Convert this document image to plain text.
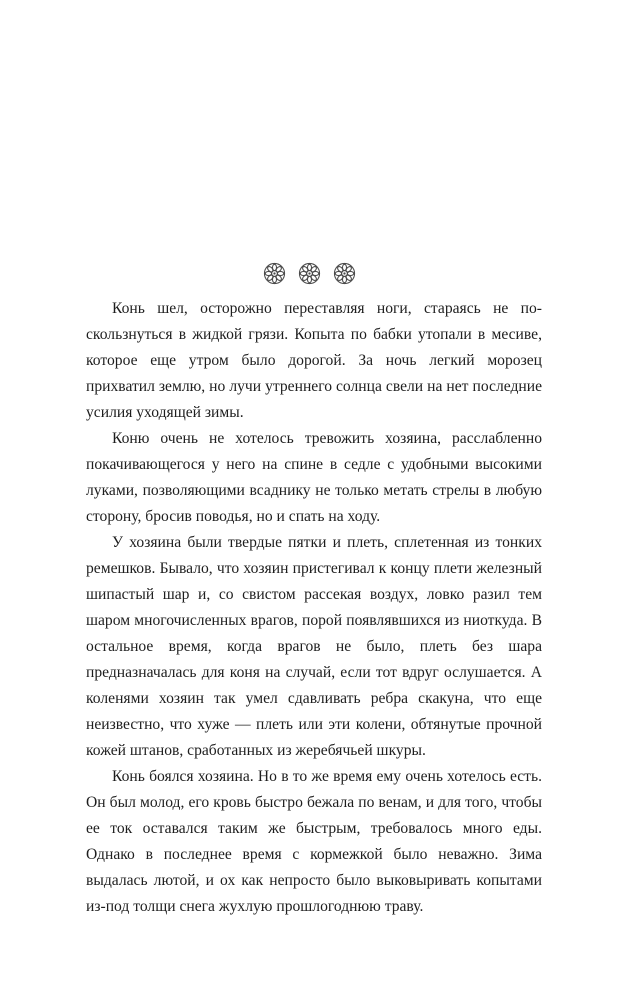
Конь шел, осторожно переставляя ноги, стараясь не поскользнуться в жидкой грязи. Копыта по бабки утопали в месиве, которое еще утром было дорогой. За ночь легкий морозец прихватил землю, но лучи утреннего солнца свели на нет последние усилия уходящей зимы.

Коню очень не хотелось тревожить хозяина, расслабленно покачивающегося у него на спине в седле с удобными высокими луками, позволяющими всаднику не только метать стрелы в любую сторону, бросив поводья, но и спать на ходу.

У хозяина были твердые пятки и плеть, сплетенная из тонких ремешков. Бывало, что хозяин пристегивал к концу плети железный шипастый шар и, со свистом рассекая воздух, ловко разил тем шаром многочисленных врагов, порой появлявшихся из ниоткуда. В остальное время, когда врагов не было, плеть без шара предназначалась для коня на случай, если тот вдруг ослушается. А коленями хозяин так умел сдавливать ребра скакуна, что еще неизвестно, что хуже — плеть или эти колени, обтянутые прочной кожей штанов, сработанных из жеребячьей шкуры.

Конь боялся хозяина. Но в то же время ему очень хотелось есть. Он был молод, его кровь быстро бежала по венам, и для того, чтобы ее ток оставался таким же быстрым, требовалось много еды. Однако в последнее время с кормежкой было неважно. Зима выдалась лютой, и ох как непросто было выковыривать копытами из-под толщи снега жухлую прошлогоднюю траву.
